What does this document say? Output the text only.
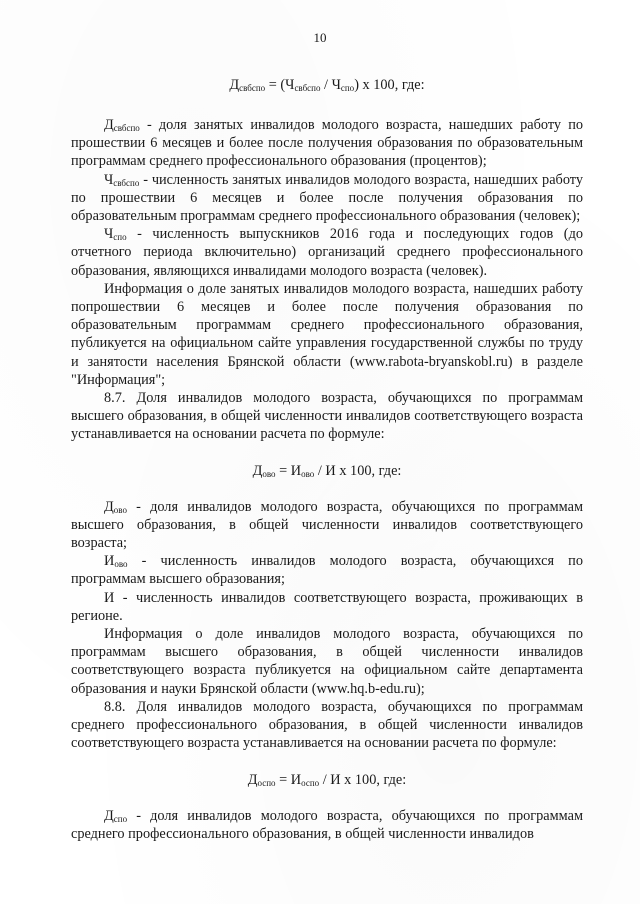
10
$Д_{свбспо} = (Ч_{свбспо} / Ч_{спо})$ x 100, где:

$Д_{свбспо}$ - доля занятых инвалидов молодого возраста, нашедших работу по прошествии 6 месяцев и более после получения образования по образовательным программам среднего профессионального образования (процентов);

$Ч_{свбспо}$ - численность занятых инвалидов молодого возраста, нашедших работу по прошествии 6 месяцев и более после получения образования по образовательным программам среднего профессионального образования (человек);

$Ч_{спо}$ - численность выпускников 2016 года и последующих годов (до отчетного периода включительно) организаций среднего профессионального образования, являющихся инвалидами молодого возраста (человек).

Информация о доле занятых инвалидов молодого возраста, нашедших работу попрошествии 6 месяцев и более после получения образования по образовательным программам среднего профессионального образования, публикуется на официальном сайте управления государственной службы по труду и занятости населения Брянской области (www.rabota-bryanskobl.ru) в разделе "Информация";

8.7. Доля инвалидов молодого возраста, обучающихся по программам высшего образования, в общей численности инвалидов соответствующего возраста устанавливается на основании расчета по формуле:

$Д_{ово} = И_{ово} / И$ x 100, где:

$Д_{ово}$ - доля инвалидов молодого возраста, обучающихся по программам высшего образования, в общей численности инвалидов соответствующего возраста;

$И_{ово}$ - численность инвалидов молодого возраста, обучающихся по программам высшего образования;

И - численность инвалидов соответствующего возраста, проживающих в регионе.

Информация о доле инвалидов молодого возраста, обучающихся по программам высшего образования, в общей численности инвалидов соответствующего возраста публикуется на официальном сайте департамента образования и науки Брянской области (www.hq.b-edu.ru);

8.8. Доля инвалидов молодого возраста, обучающихся по программам среднего профессионального образования, в общей численности инвалидов соответствующего возраста устанавливается на основании расчета по формуле:

$Д_{оспо} = И_{оспо} / И$ x 100, где:

$Д_{спо}$ - доля инвалидов молодого возраста, обучающихся по программам среднего профессионального образования, в общей численности инвалидов
